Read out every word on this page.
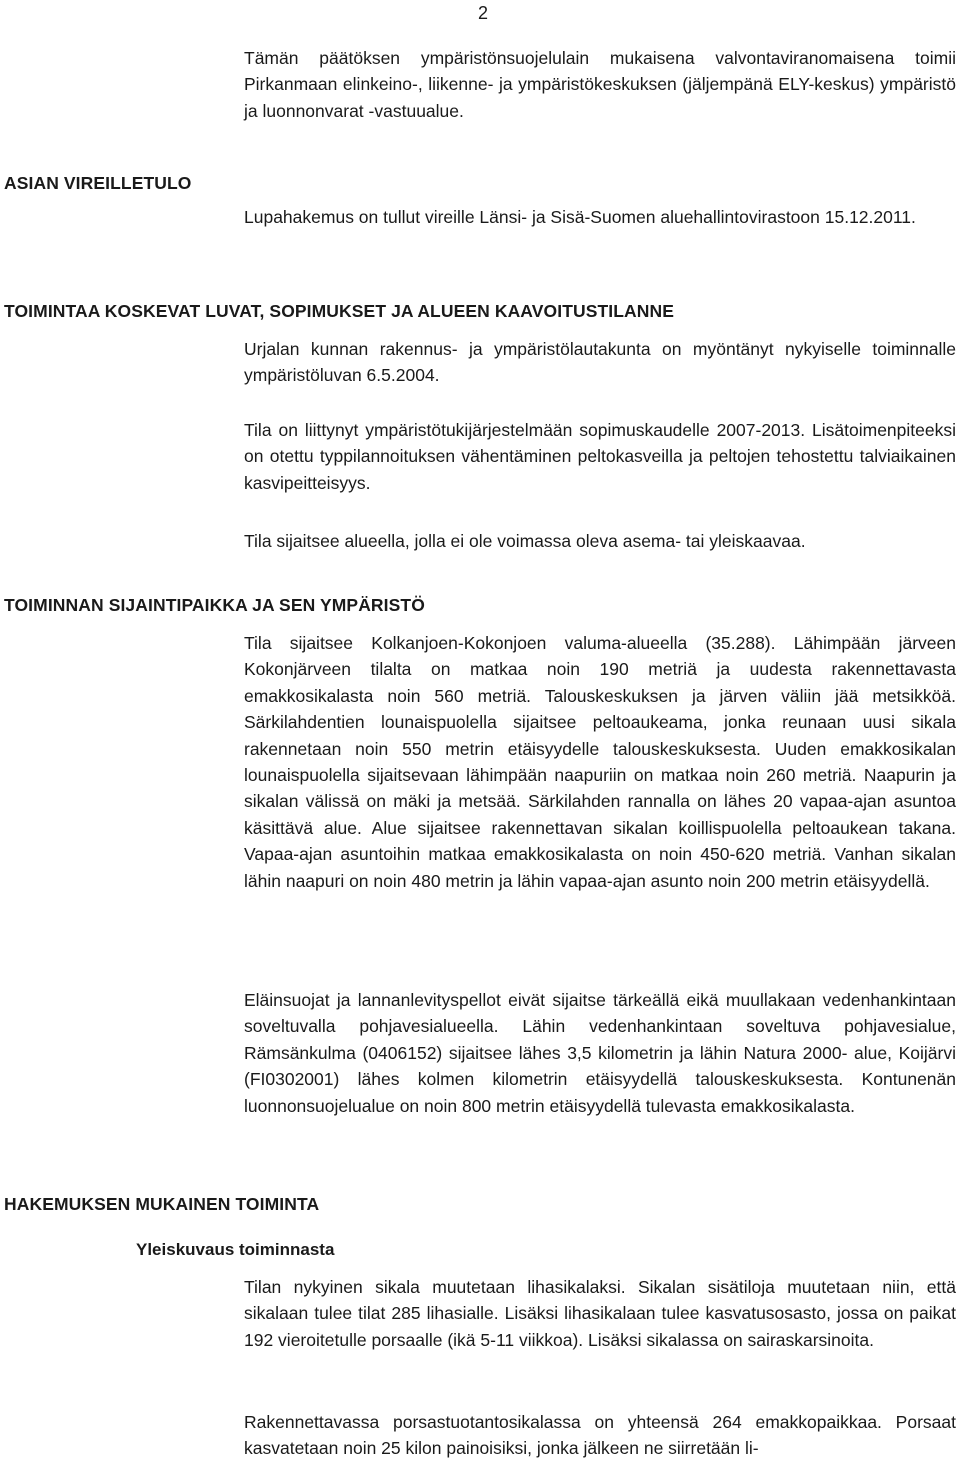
2

Tämän päätöksen ympäristönsuojelulain mukaisena valvontaviranomaisena toimii Pirkanmaan elinkeino-, liikenne- ja ympäristökeskuksen (jäljempänä ELY-keskus) ympäristö ja luonnonvarat -vastuualue.

ASIAN VIREILLETULO

Lupahakemus on tullut vireille Länsi- ja Sisä-Suomen aluehallintovirastoon 15.12.2011.

TOIMINTAA KOSKEVAT LUVAT, SOPIMUKSET JA ALUEEN KAAVOITUSTILANNE

Urjalan kunnan rakennus- ja ympäristölautakunta on myöntänyt nykyiselle toiminnalle ympäristöluvan 6.5.2004.

Tila on liittynyt ympäristötukijärjestelmään sopimuskaudelle 2007-2013. Lisätoimenpiteeksi on otettu typpilannoituksen vähentäminen peltokasveilla ja peltojen tehostettu talviaikainen kasvipeitteisyys.

Tila sijaitsee alueella, jolla ei ole voimassa oleva asema- tai yleiskaavaa.

TOIMINNAN SIJAINTIPAIKKA JA SEN YMPÄRISTÖ

Tila sijaitsee Kolkanjoen-Kokonjoen valuma-alueella (35.288). Lähimpään järveen Kokonjärveen tilalta on matkaa noin 190 metriä ja uudesta rakennettavasta emakkosikalasta noin 560 metriä. Talouskeskuksen ja järven väliin jää metsikköä. Särkilahdentien lounaispuolella sijaitsee peltoaukeama, jonka reunaan uusi sikala rakennetaan noin 550 metrin etäisyydelle talouskeskuksesta. Uuden emakkosikalan lounaispuolella sijaitsevaan lähimpään naapuriin on matkaa noin 260 metriä. Naapurin ja sikalan välissä on mäki ja metsää. Särkilahden rannalla on lähes 20 vapaa-ajan asuntoa käsittävä alue. Alue sijaitsee rakennettavan sikalan koillispuolella peltoaukean takana. Vapaa-ajan asuntoihin matkaa emakkosikalasta on noin 450-620 metriä. Vanhan sikalan lähin naapuri on noin 480 metrin ja lähin vapaa-ajan asunto noin 200 metrin etäisyydellä.

Eläinsuojat ja lannanlevityspellot eivät sijaitse tärkeällä eikä muullakaan vedenhankintaan soveltuvalla pohjavesialueella. Lähin vedenhankintaan soveltuva pohjavesialue, Rämsänkulma (0406152) sijaitsee lähes 3,5 kilometrin ja lähin Natura 2000- alue, Koijärvi (FI0302001) lähes kolmen kilometrin etäisyydellä talouskeskuksesta. Kontunenän luonnonsuojelualue on noin 800 metrin etäisyydellä tulevasta emakkosikalasta.

HAKEMUKSEN MUKAINEN TOIMINTA
Yleiskuvaus toiminnasta

Tilan nykyinen sikala muutetaan lihasikalaksi. Sikalan sisätiloja muutetaan niin, että sikalaan tulee tilat 285 lihasialle. Lisäksi lihasikalaan tulee kasvatusosasto, jossa on paikat 192 vieroitetulle porsaalle (ikä 5-11 viikkoa). Lisäksi sikalassa on sairaskarsinoita.

Rakennettavassa porsastuotantosikalassa on yhteensä 264 emakkopaikkaa. Porsaat kasvatetaan noin 25 kilon painoisiksi, jonka jälkeen ne siirretään li-
